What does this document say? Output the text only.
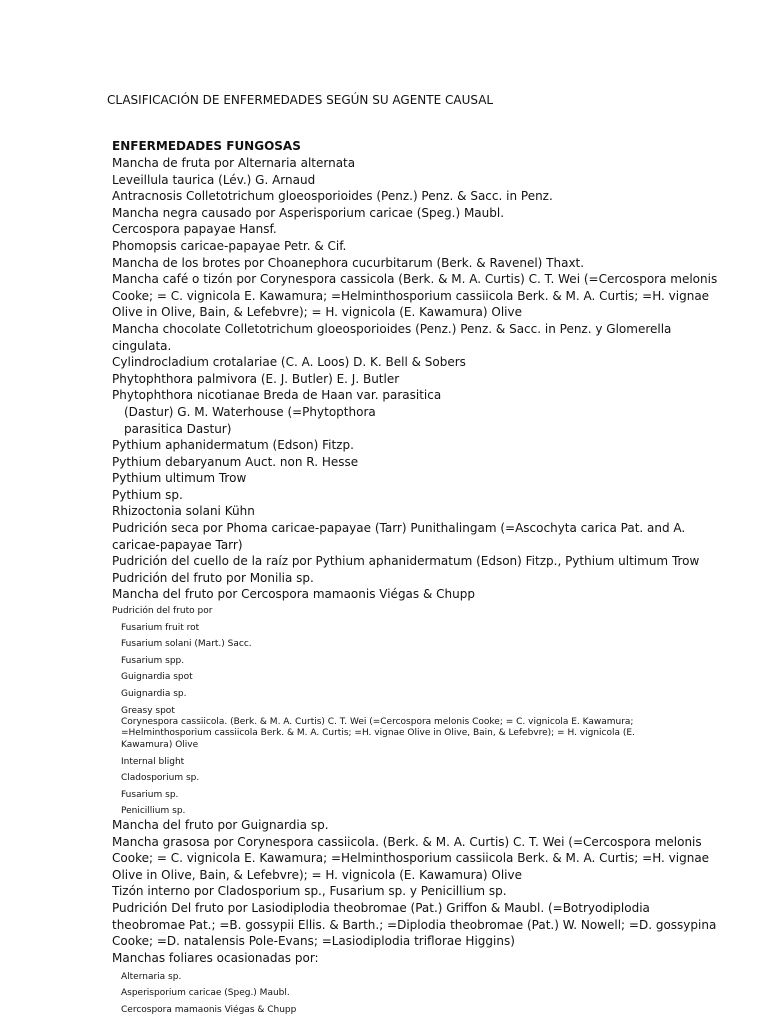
CLASIFICACIÓN DE ENFERMEDADES SEGÚN SU AGENTE CAUSAL
ENFERMEDADES FUNGOSAS
Mancha de fruta por Alternaria alternata
Leveillula taurica (Lév.) G. Arnaud
Antracnosis Colletotrichum gloeosporioides (Penz.) Penz. & Sacc. in Penz.
Mancha negra causado por Asperisporium caricae (Speg.) Maubl.
Cercospora papayae Hansf.
Phomopsis caricae-papayae Petr. & Cif.
Mancha de los brotes por Choanephora cucurbitarum (Berk. & Ravenel) Thaxt.
Mancha café o tizón por Corynespora cassicola (Berk. & M. A. Curtis) C. T. Wei (=Cercospora melonis Cooke; = C. vignicola E. Kawamura; =Helminthosporium cassiicola Berk. & M. A. Curtis; =H. vignae Olive in Olive, Bain, & Lefebvre); = H. vignicola (E. Kawamura) Olive
Mancha chocolate Colletotrichum gloeosporioides (Penz.) Penz. & Sacc. in Penz. y Glomerella cingulata.
Cylindrocladium crotalariae (C. A. Loos) D. K. Bell & Sobers
Phytophthora palmivora (E. J. Butler) E. J. Butler
Phytophthora nicotianae Breda de Haan var. parasitica
(Dastur) G. M. Waterhouse (=Phytopthora parasitica Dastur)
Pythium aphanidermatum (Edson) Fitzp.
Pythium debaryanum Auct. non R. Hesse
Pythium ultimum Trow
Pythium sp.
Rhizoctonia solani Kühn
Pudrición seca por Phoma caricae-papayae (Tarr) Punithalingam (=Ascochyta carica Pat. and A. caricae-papayae Tarr)
Pudrición del cuello de la raíz por Pythium aphanidermatum (Edson) Fitzp., Pythium ultimum Trow
Pudrición del fruto por Monilia sp.
Mancha del fruto por Cercospora mamaonis Viégas & Chupp
Pudrición del fruto por
Fusarium fruit rot
Fusarium solani (Mart.) Sacc.
Fusarium spp.
Guignardia spot
Guignardia sp.
Greasy spot
Corynespora cassiicola. (Berk. & M. A. Curtis) C. T. Wei (=Cercospora melonis Cooke; = C. vignicola E. Kawamura; =Helminthosporium cassiicola Berk. & M. A. Curtis; =H. vignae Olive in Olive, Bain, & Lefebvre); = H. vignicola (E. Kawamura) Olive
Internal blight
Cladosporium sp.
Fusarium sp.
Penicillium sp.
Mancha del fruto por Guignardia sp.
Mancha grasosa por Corynespora cassiicola. (Berk. & M. A. Curtis) C. T. Wei (=Cercospora melonis Cooke; = C. vignicola E. Kawamura; =Helminthosporium cassiicola Berk. & M. A. Curtis; =H. vignae Olive in Olive, Bain, & Lefebvre); = H. vignicola (E. Kawamura) Olive
Tizón interno por Cladosporium sp., Fusarium sp. y Penicillium sp.
Pudrición Del fruto por Lasiodiplodia theobromae (Pat.) Griffon & Maubl. (=Botryodiplodia theobromae Pat.; =B. gossypii Ellis. & Barth.; =Diplodia theobromae (Pat.) W. Nowell; =D. gossypina Cooke; =D. natalensis Pole-Evans; =Lasiodiplodia triflorae Higgins)
Manchas foliares ocasionadas por:
Alternaria sp.
Asperisporium caricae (Speg.) Maubl.
Cercospora mamaonis Viégas & Chupp
